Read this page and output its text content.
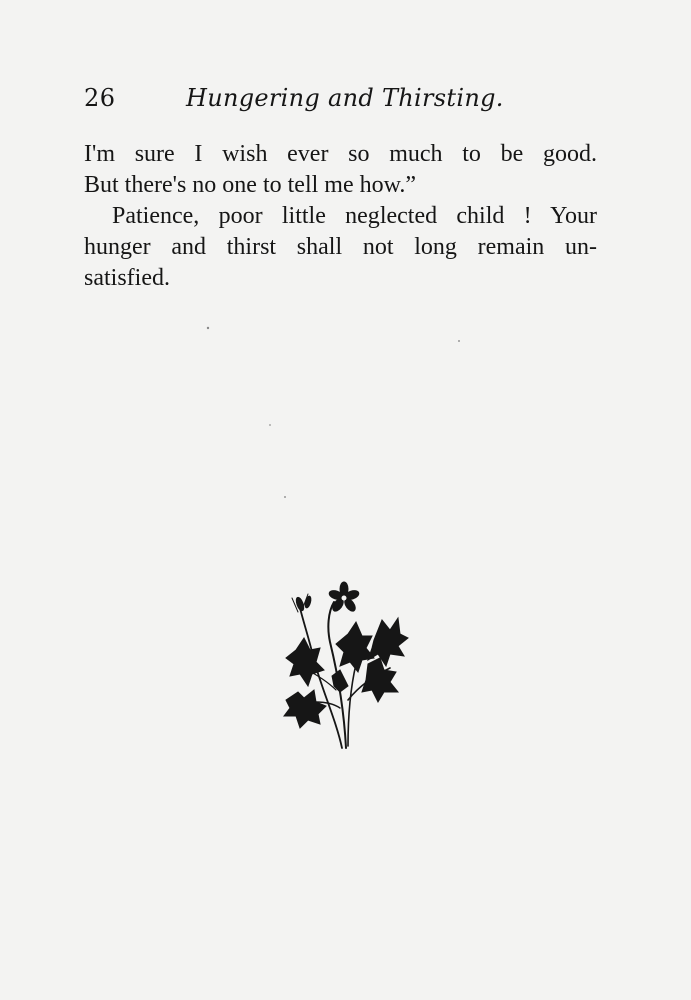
26	Hungering and Thirsting.
I'm sure I wish ever so much to be good.
But there's no one to tell me how.”
Patience, poor little neglected child ! Your
hunger and thirst shall not long remain un-
satisfied.
